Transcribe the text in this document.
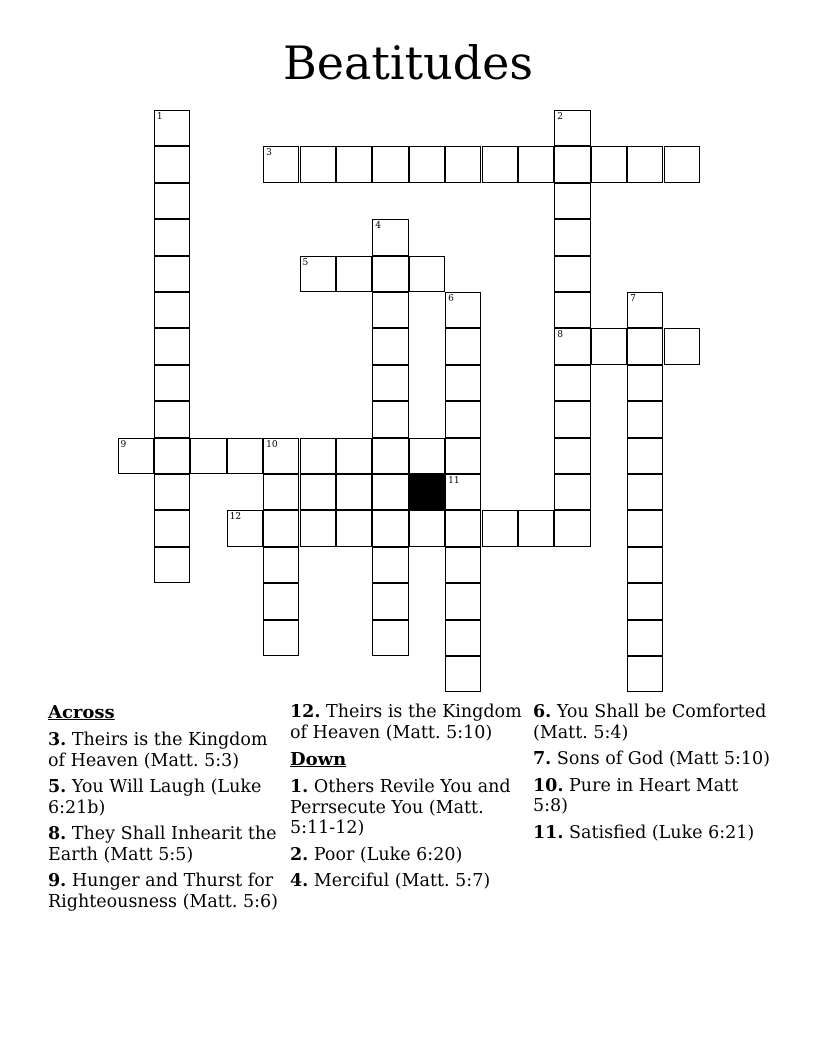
Beatitudes
1	2
8
3
4
5
6	7
9	10
11
12
Across
3. Theirs is the Kingdom of Heaven (Matt. 5:3)
5. You Will Laugh (Luke 6:21b)
8. They Shall Inhearit the Earth (Matt 5:5)
9. Hunger and Thurst for Righteousness (Matt. 5:6)
12. Theirs is the Kingdom of Heaven (Matt. 5:10)
Down
1. Others Revile You and Perrsecute You (Matt. 5:11-12)
2. Poor (Luke 6:20)
4. Merciful (Matt. 5:7)
6. You Shall be Comforted (Matt. 5:4)
7. Sons of God (Matt 5:10)
10. Pure in Heart Matt 5:8)
11. Satisfied (Luke 6:21)
